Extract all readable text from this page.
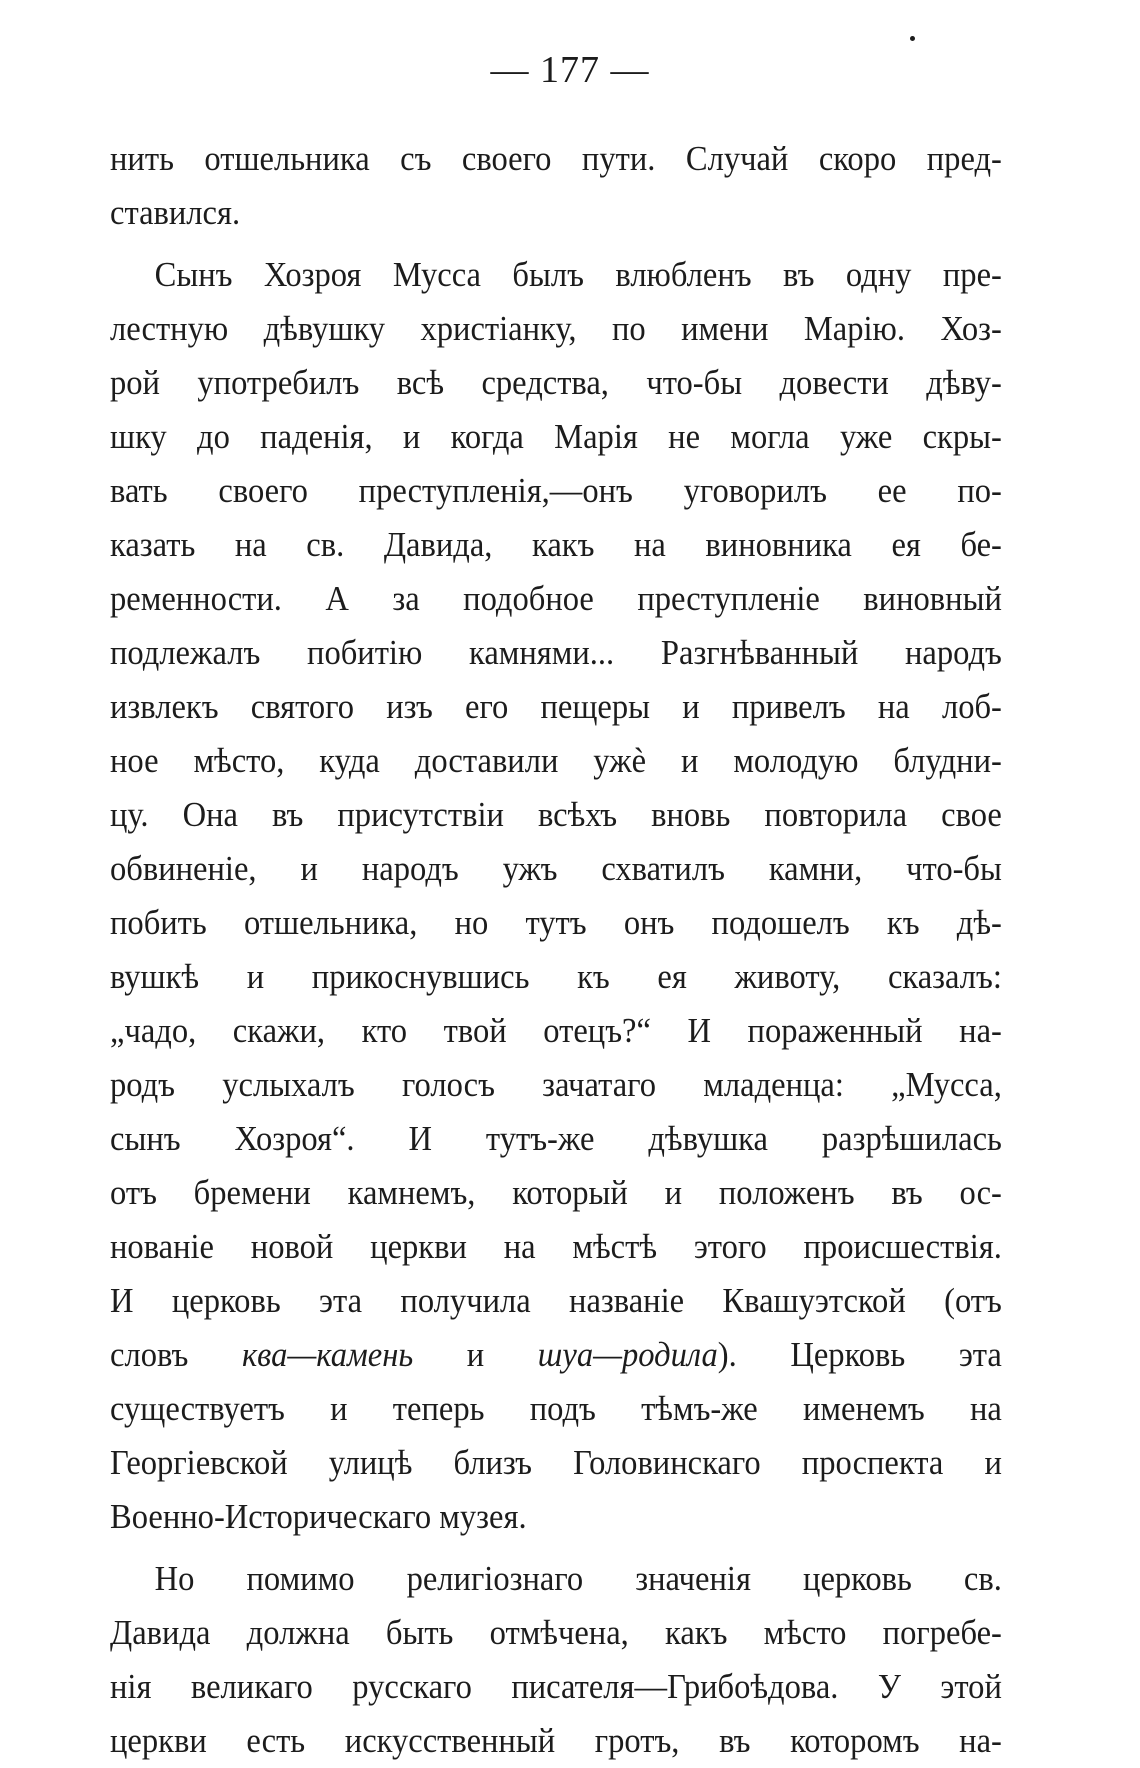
— 177 —
нить отшельника съ своего пути. Случай скоро пред-
ставился.
Сынъ Хозроя Мусса былъ влюбленъ въ одну пре-
лестную дѣвушку христіанку, по имени Марію. Хоз-
рой употребилъ всѣ средства, что-бы довести дѣву-
шку до паденія, и когда Марія не могла уже скры-
вать своего преступленія,—онъ уговорилъ ее по-
казать на св. Давида, какъ на виновника ея бе-
ременности. А за подобное преступленіе виновный
подлежалъ побитію камнями... Разгнѣванный народъ
извлекъ святого изъ его пещеры и привелъ на лоб-
ное мѣсто, куда доставили ужѐ и молодую блудни-
цу. Она въ присутствіи всѣхъ вновь повторила свое
обвиненіе, и народъ ужъ схватилъ камни, что-бы
побить отшельника, но тутъ онъ подошелъ къ дѣ-
вушкѣ и прикоснувшись къ ея животу, сказалъ:
„чадо, скажи, кто твой отецъ?“ И пораженный на-
родъ услыхалъ голосъ зачатаго младенца: „Мусса,
сынъ Хозроя“. И тутъ-же дѣвушка разрѣшилась
отъ бремени камнемъ, который и положенъ въ ос-
нованіе новой церкви на мѣстѣ этого происшествія.
И церковь эта получила названіе Квашуэтской (отъ
словъ ква—камень и шуа—родила). Церковь эта
существуетъ и теперь подъ тѣмъ-же именемъ на
Георгіевской улицѣ близъ Головинскаго проспекта и
Военно-Историческаго музея.
Но помимо религіознаго значенія церковь св.
Давида должна быть отмѣчена, какъ мѣсто погребе-
нія великаго русскаго писателя—Грибоѣдова. У этой
церкви есть искусственный гротъ, въ которомъ на-
